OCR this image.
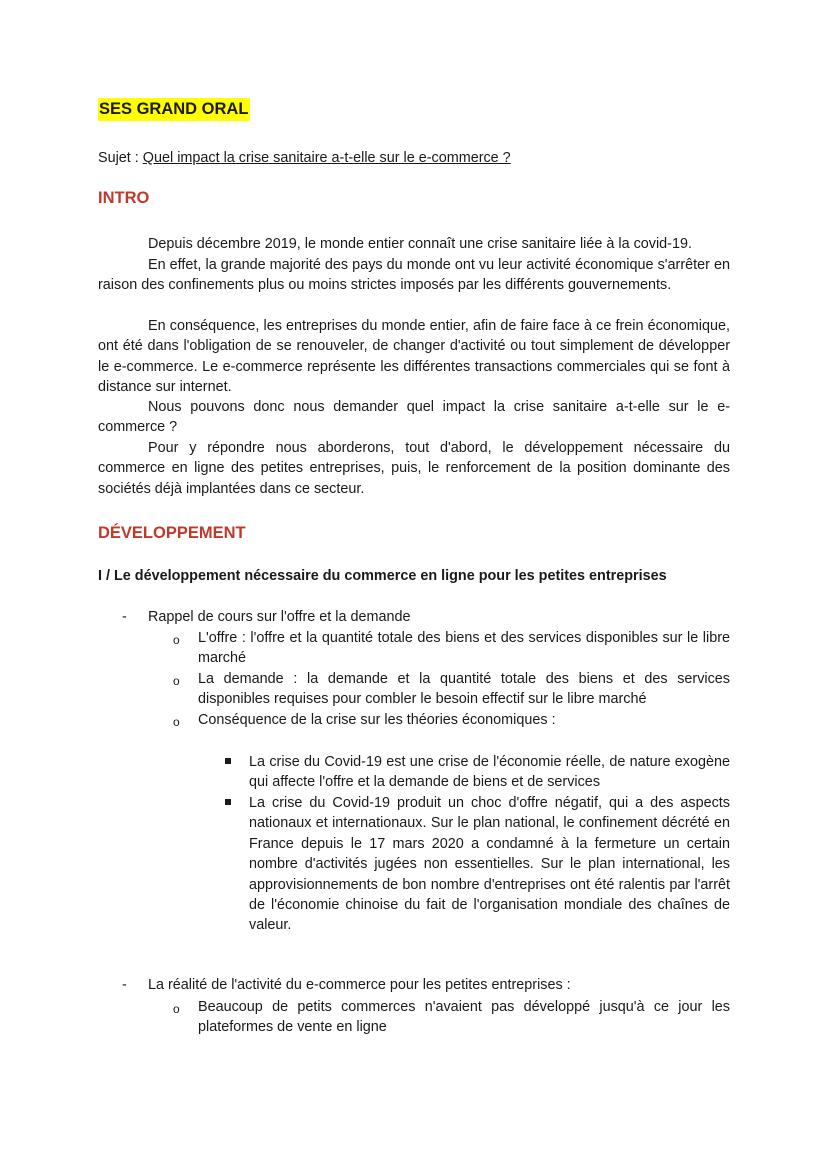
SES GRAND ORAL
Sujet : Quel impact la crise sanitaire a-t-elle sur le e-commerce ?
INTRO

Depuis décembre 2019, le monde entier connaît une crise sanitaire liée à la covid-19.

En effet, la grande majorité des pays du monde ont vu leur activité économique s'arrêter en raison des confinements plus ou moins strictes imposés par les différents gouvernements.

En conséquence, les entreprises du monde entier, afin de faire face à ce frein économique, ont été dans l'obligation de se renouveler, de changer d'activité ou tout simplement de développer le e-commerce. Le e-commerce représente les différentes transactions commerciales qui se font à distance sur internet.

Nous pouvons donc nous demander quel impact la crise sanitaire a-t-elle sur le e-commerce ?

Pour y répondre nous aborderons, tout d'abord, le développement nécessaire du commerce en ligne des petites entreprises, puis, le renforcement de la position dominante des sociétés déjà implantées dans ce secteur.

DÉVELOPPEMENT
I / Le développement nécessaire du commerce en ligne pour les petites entreprises
- Rappel de cours sur l'offre et la demande
o L'offre : l'offre et la quantité totale des biens et des services disponibles sur le libre marché
o La demande : la demande et la quantité totale des biens et des services disponibles requises pour combler le besoin effectif sur le libre marché
o Conséquence de la crise sur les théories économiques :
La crise du Covid-19 est une crise de l'économie réelle, de nature exogène qui affecte l'offre et la demande de biens et de services
La crise du Covid-19 produit un choc d'offre négatif, qui a des aspects nationaux et internationaux. Sur le plan national, le confinement décrété en France depuis le 17 mars 2020 a condamné à la fermeture un certain nombre d'activités jugées non essentielles. Sur le plan international, les approvisionnements de bon nombre d'entreprises ont été ralentis par l'arrêt de l'économie chinoise du fait de l'organisation mondiale des chaînes de valeur.
- La réalité de l'activité du e-commerce pour les petites entreprises :
o Beaucoup de petits commerces n'avaient pas développé jusqu'à ce jour les plateformes de vente en ligne
